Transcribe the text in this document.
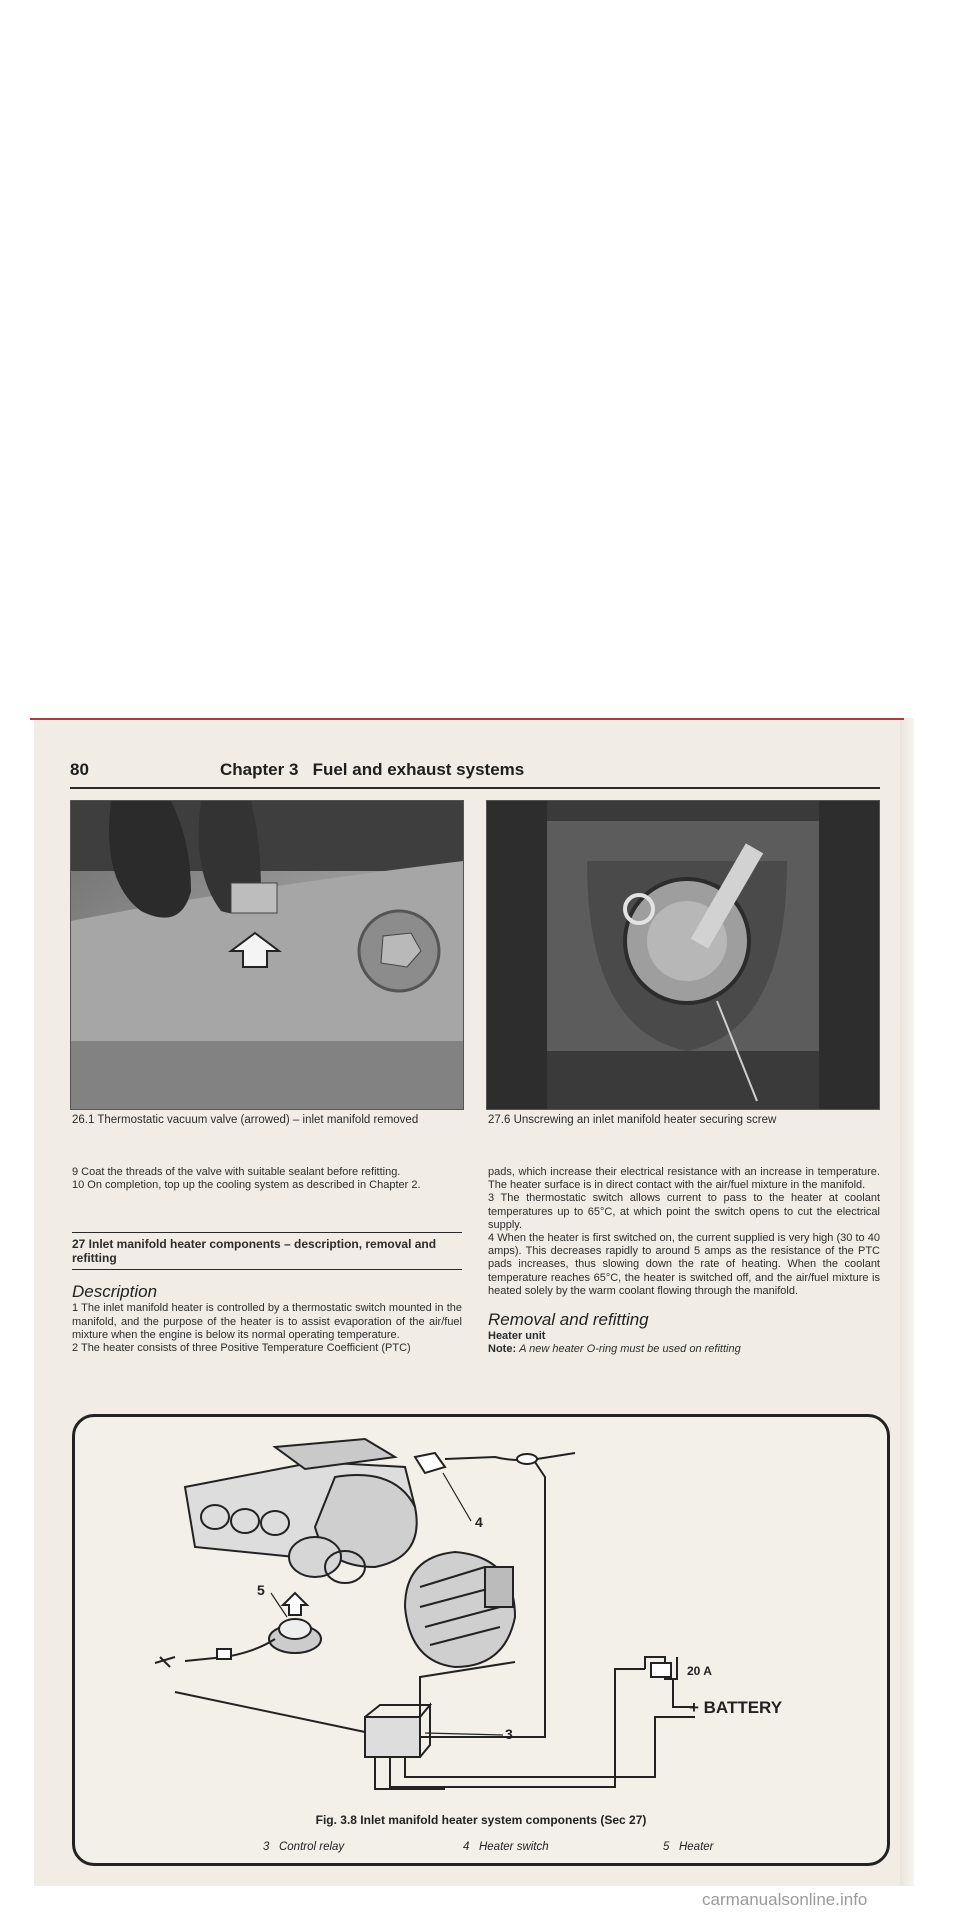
80	Chapter 3   Fuel and exhaust systems
26.1 Thermostatic vacuum valve (arrowed) – inlet manifold removed	27.6 Unscrewing an inlet manifold heater securing screw

9 Coat the threads of the valve with suitable sealant before refitting.

10 On completion, top up the cooling system as described in Chapter 2.

27 Inlet manifold heater components – description, removal and refitting
Description

1 The inlet manifold heater is controlled by a thermostatic switch mounted in the manifold, and the purpose of the heater is to assist evaporation of the air/fuel mixture when the engine is below its normal operating temperature.

2 The heater consists of three Positive Temperature Coefficient (PTC)

pads, which increase their electrical resistance with an increase in temperature. The heater surface is in direct contact with the air/fuel mixture in the manifold.

3 The thermostatic switch allows current to pass to the heater at coolant temperatures up to 65°C, at which point the switch opens to cut the electrical supply.

4 When the heater is first switched on, the current supplied is very high (30 to 40 amps). This decreases rapidly to around 5 amps as the resistance of the PTC pads increases, thus slowing down the rate of heating. When the coolant temperature reaches 65°C, the heater is switched off, and the air/fuel mixture is heated solely by the warm coolant flowing through the manifold.

Removal and refitting
Heater unit
Note: A new heater O-ring must be used on refitting
4
5
3
20 A
+ BATTERY
Fig. 3.8 Inlet manifold heater system components (Sec 27)
3   Control relay	4   Heater switch	5   Heater
carmanualsonline.info
